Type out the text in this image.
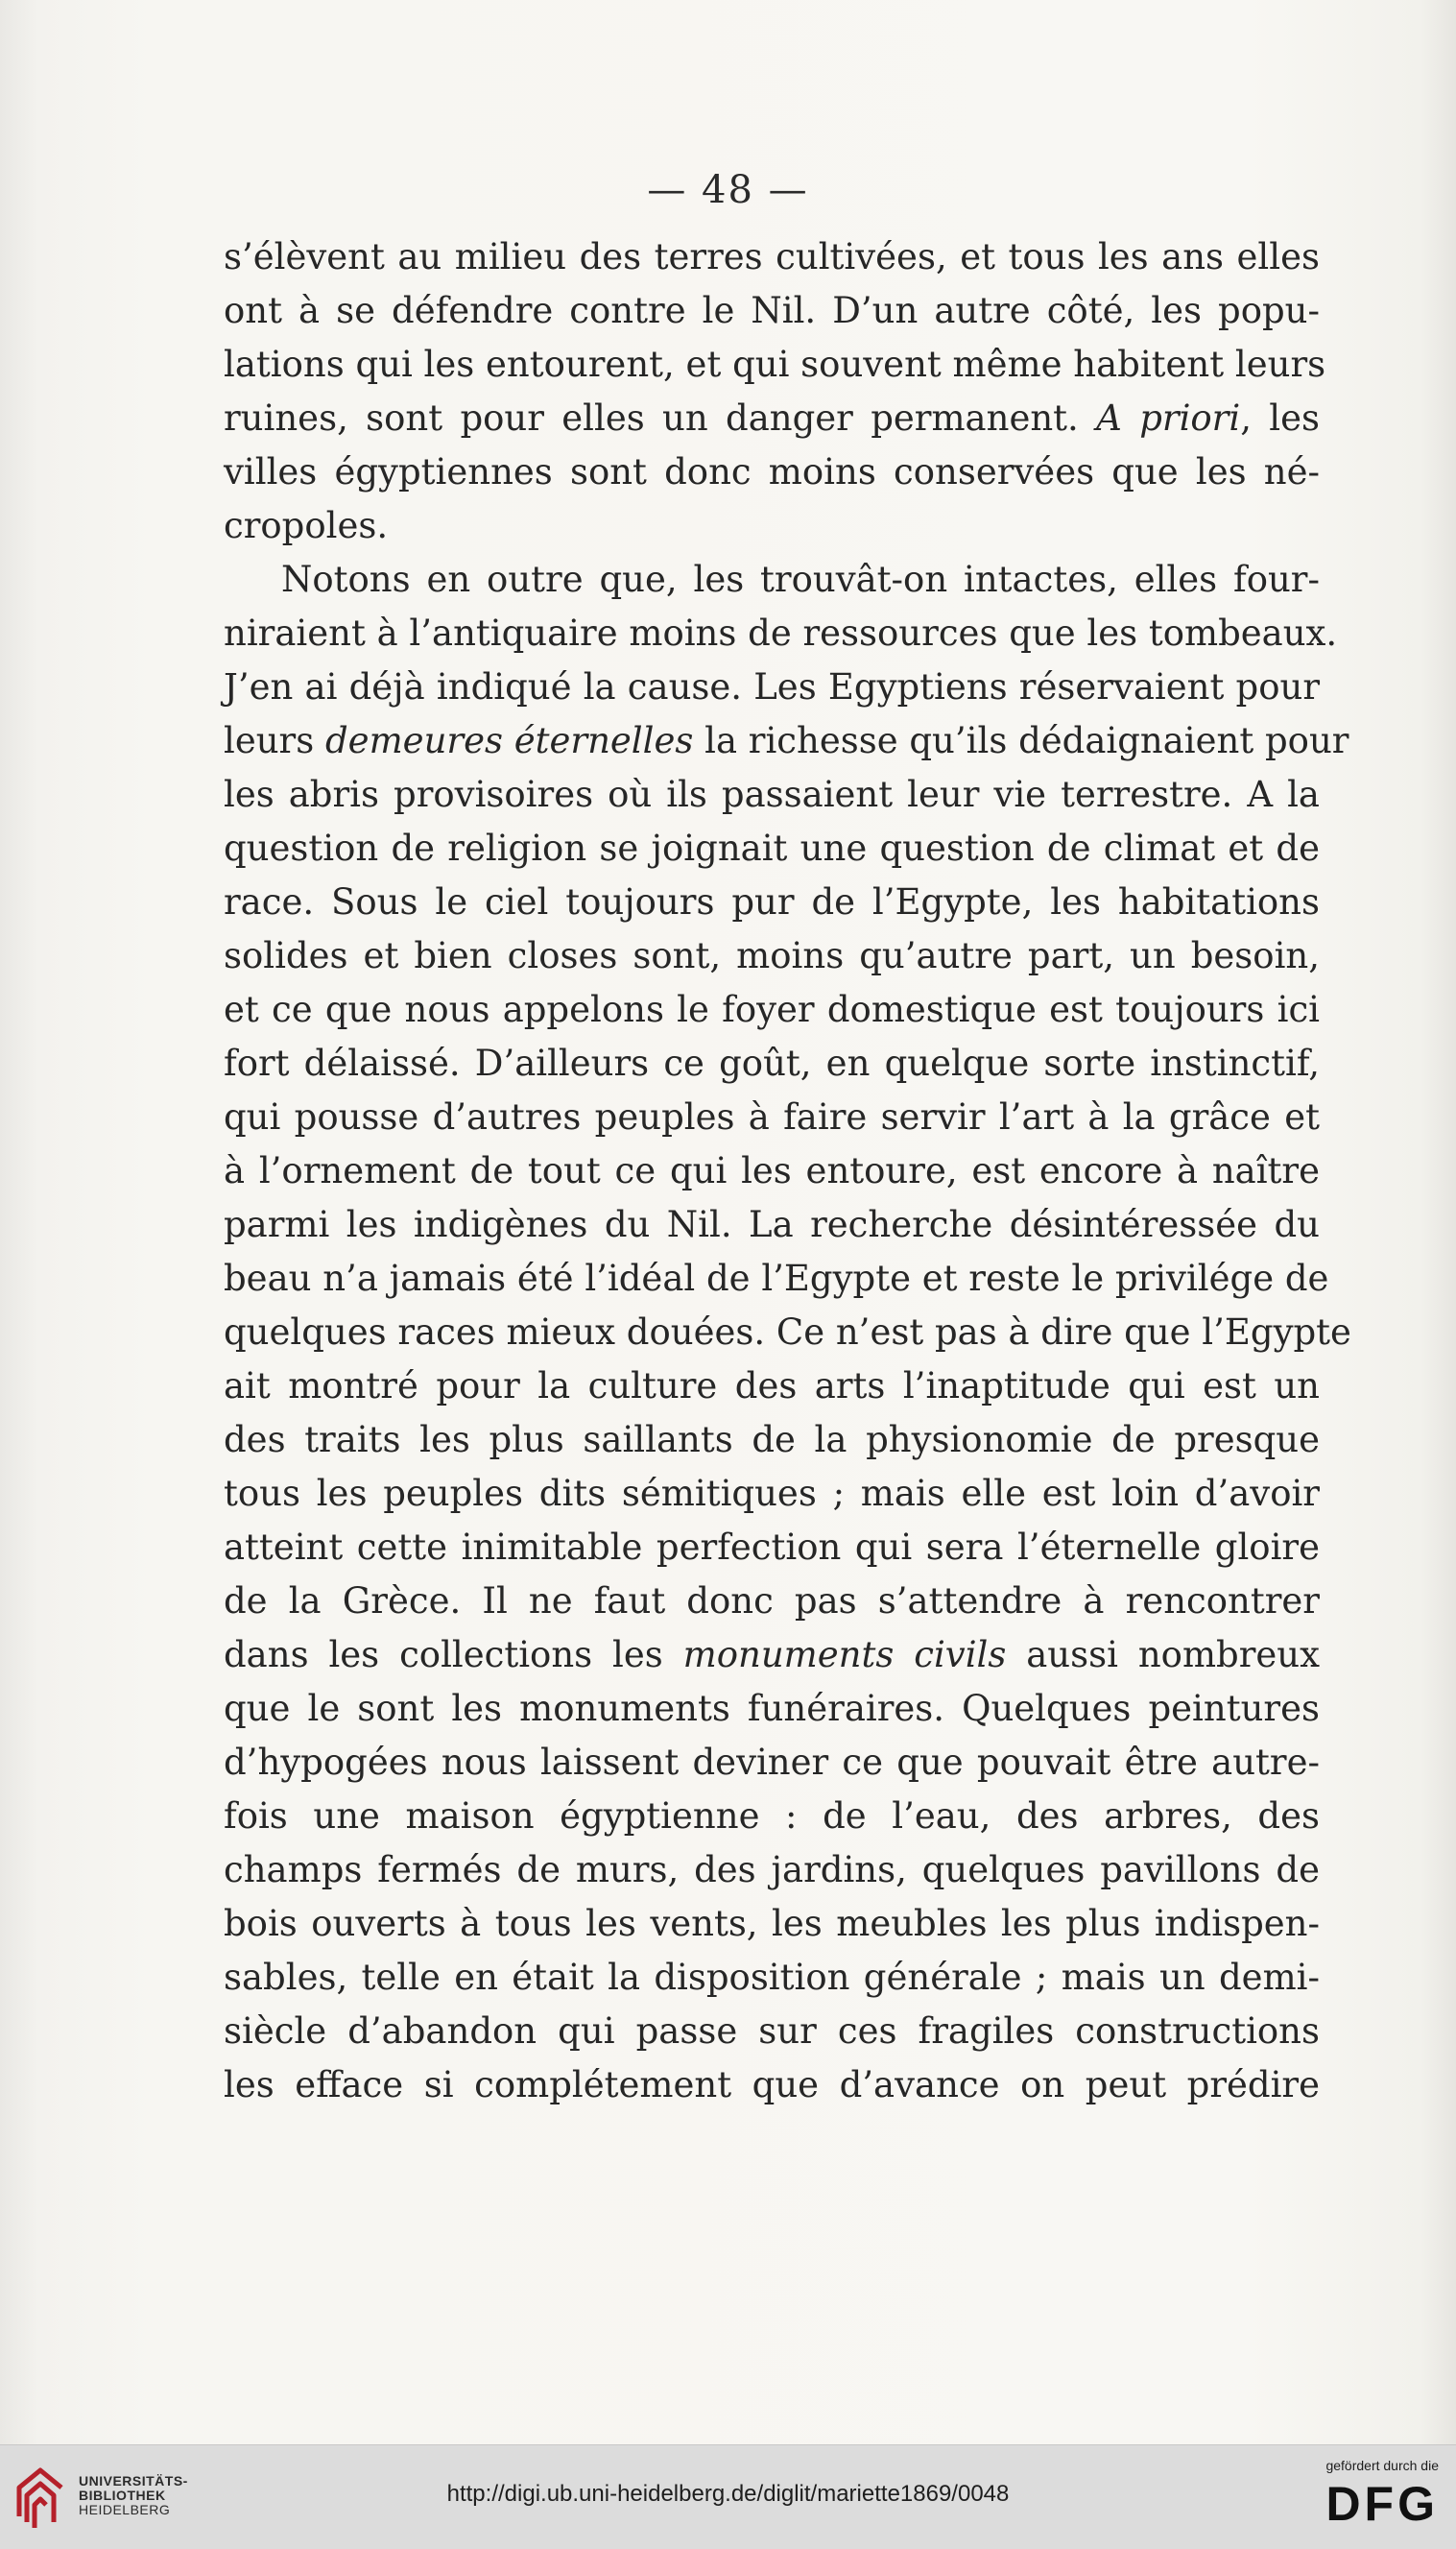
— 48 —
s’élèvent au milieu des terres cultivées, et tous les ans elles
ont à se défendre contre le Nil. D’un autre côté, les popu-
lations qui les entourent, et qui souvent même habitent leurs
ruines, sont pour elles un danger permanent. A priori, les
villes égyptiennes sont donc moins conservées que les né-
cropoles.
Notons en outre que, les trouvât-on intactes, elles four-
niraient à l’antiquaire moins de ressources que les tombeaux.
J’en ai déjà indiqué la cause. Les Egyptiens réservaient pour
leurs demeures éternelles la richesse qu’ils dédaignaient pour
les abris provisoires où ils passaient leur vie terrestre. A la
question de religion se joignait une question de climat et de
race. Sous le ciel toujours pur de l’Egypte, les habitations
solides et bien closes sont, moins qu’autre part, un besoin,
et ce que nous appelons le foyer domestique est toujours ici
fort délaissé. D’ailleurs ce goût, en quelque sorte instinctif,
qui pousse d’autres peuples à faire servir l’art à la grâce et
à l’ornement de tout ce qui les entoure, est encore à naître
parmi les indigènes du Nil. La recherche désintéressée du
beau n’a jamais été l’idéal de l’Egypte et reste le privilége de
quelques races mieux douées. Ce n’est pas à dire que l’Egypte
ait montré pour la culture des arts l’inaptitude qui est un
des traits les plus saillants de la physionomie de presque
tous les peuples dits sémitiques ; mais elle est loin d’avoir
atteint cette inimitable perfection qui sera l’éternelle gloire
de la Grèce. Il ne faut donc pas s’attendre à rencontrer
dans les collections les monuments civils aussi nombreux
que le sont les monuments funéraires. Quelques peintures
d’hypogées nous laissent deviner ce que pouvait être autre-
fois une maison égyptienne : de l’eau, des arbres, des
champs fermés de murs, des jardins, quelques pavillons de
bois ouverts à tous les vents, les meubles les plus indispen-
sables, telle en était la disposition générale ; mais un demi-
siècle d’abandon qui passe sur ces fragiles constructions
les efface si complétement que d’avance on peut prédire
UNIVERSITÄTS-
BIBLIOTHEK
HEIDELBERG
http://digi.ub.uni-heidelberg.de/diglit/mariette1869/0048
gefördert durch die
DFG
